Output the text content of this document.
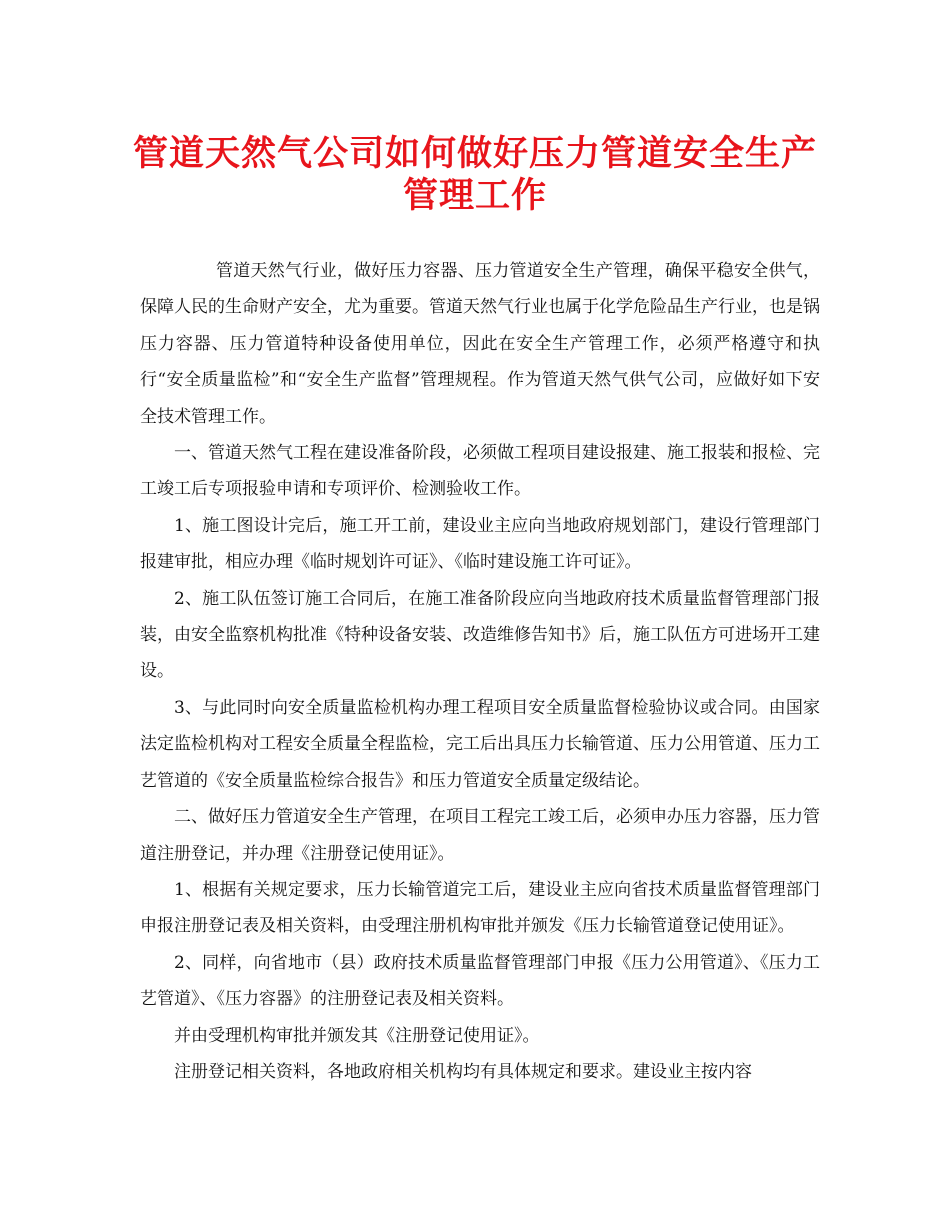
管道天然气公司如何做好压力管道安全生产
管理工作

管道天然气行业，做好压力容器、压力管道安全生产管理，确保平稳安全供气，保障人民的生命财产安全，尤为重要。管道天然气行业也属于化学危险品生产行业，也是锅压力容器、压力管道特种设备使用单位，因此在安全生产管理工作，必须严格遵守和执行“安全质量监检”和“安全生产监督”管理规程。作为管道天然气供气公司，应做好如下安全技术管理工作。

一、管道天然气工程在建设准备阶段，必须做工程项目建设报建、施工报装和报检、完工竣工后专项报验申请和专项评价、检测验收工作。

1、施工图设计完后，施工开工前，建设业主应向当地政府规划部门，建设行管理部门报建审批，相应办理《临时规划许可证》、《临时建设施工许可证》。

2、施工队伍签订施工合同后，在施工准备阶段应向当地政府技术质量监督管理部门报装，由安全监察机构批准《特种设备安装、改造维修告知书》后，施工队伍方可进场开工建设。

3、与此同时向安全质量监检机构办理工程项目安全质量监督检验协议或合同。由国家法定监检机构对工程安全质量全程监检，完工后出具压力长输管道、压力公用管道、压力工艺管道的《安全质量监检综合报告》和压力管道安全质量定级结论。

二、做好压力管道安全生产管理，在项目工程完工竣工后，必须申办压力容器，压力管道注册登记，并办理《注册登记使用证》。

1、根据有关规定要求，压力长输管道完工后，建设业主应向省技术质量监督管理部门申报注册登记表及相关资料，由受理注册机构审批并颁发《压力长输管道登记使用证》。

2、同样，向省地市（县）政府技术质量监督管理部门申报《压力公用管道》、《压力工艺管道》、《压力容器》的注册登记表及相关资料。

并由受理机构审批并颁发其《注册登记使用证》。

注册登记相关资料，各地政府相关机构均有具体规定和要求。建设业主按内容
